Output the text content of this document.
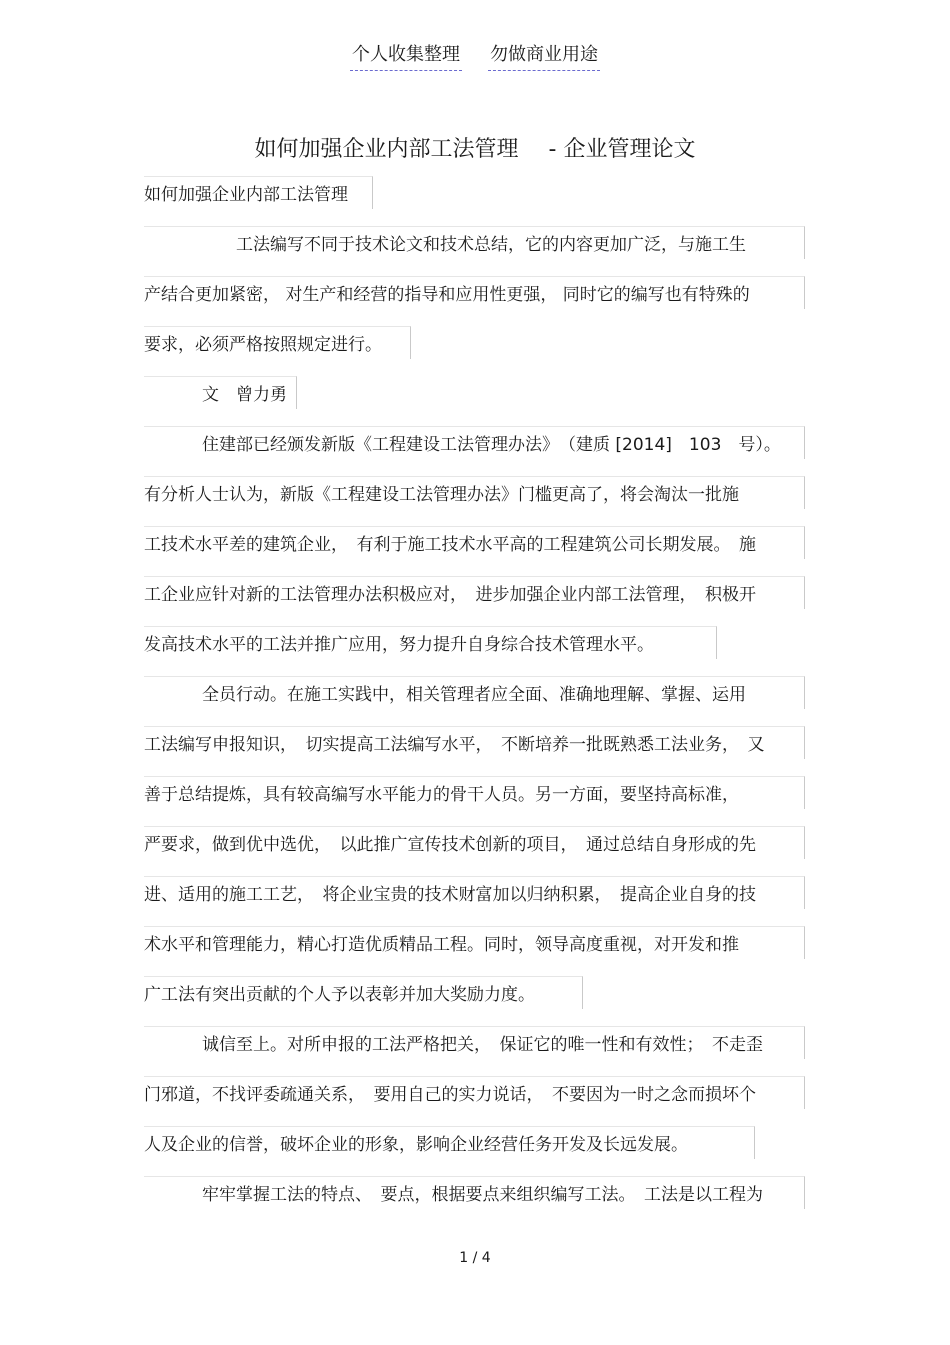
个人收集整理 勿做商业用途
如何加强企业内部工法管理 - 企业管理论文
如何加强企业内部工法管理
工法编写不同于技术论文和技术总结，它的内容更加广泛，与施工生
产结合更加紧密， 对生产和经营的指导和应用性更强， 同时它的编写也有特殊的
要求，必须严格按照规定进行。
文　曾力勇
住建部已经颁发新版《工程建设工法管理办法》　（建质 [2014]　103　号）。
有分析人士认为，新版《工程建设工法管理办法》门槛更高了，将会淘汰一批施
工技术水平差的建筑企业，　有利于施工技术水平高的工程建筑公司长期发展。　施
工企业应针对新的工法管理办法积极应对，　进步加强企业内部工法管理，　积极开
发高技术水平的工法并推广应用，努力提升自身综合技术管理水平。
全员行动。在施工实践中，相关管理者应全面、准确地理解、掌握、运用
工法编写申报知识，　切实提高工法编写水平，　不断培养一批既熟悉工法业务，　又
善于总结提炼，具有较高编写水平能力的骨干人员。另一方面，要坚持高标准，
严要求，做到优中选优，　以此推广宣传技术创新的项目，　通过总结自身形成的先
进、适用的施工工艺，　将企业宝贵的技术财富加以归纳积累，　提高企业自身的技
术水平和管理能力，精心打造优质精品工程。同时，领导高度重视，对开发和推
广工法有突出贡献的个人予以表彰并加大奖励力度。
诚信至上。对所申报的工法严格把关，　保证它的唯一性和有效性；　不走歪
门邪道，不找评委疏通关系，　要用自己的实力说话，　不要因为一时之念而损坏个
人及企业的信誉，破坏企业的形象，影响企业经营任务开发及长远发展。
牢牢掌握工法的特点、　要点，根据要点来组织编写工法。　工法是以工程为
1 / 4
